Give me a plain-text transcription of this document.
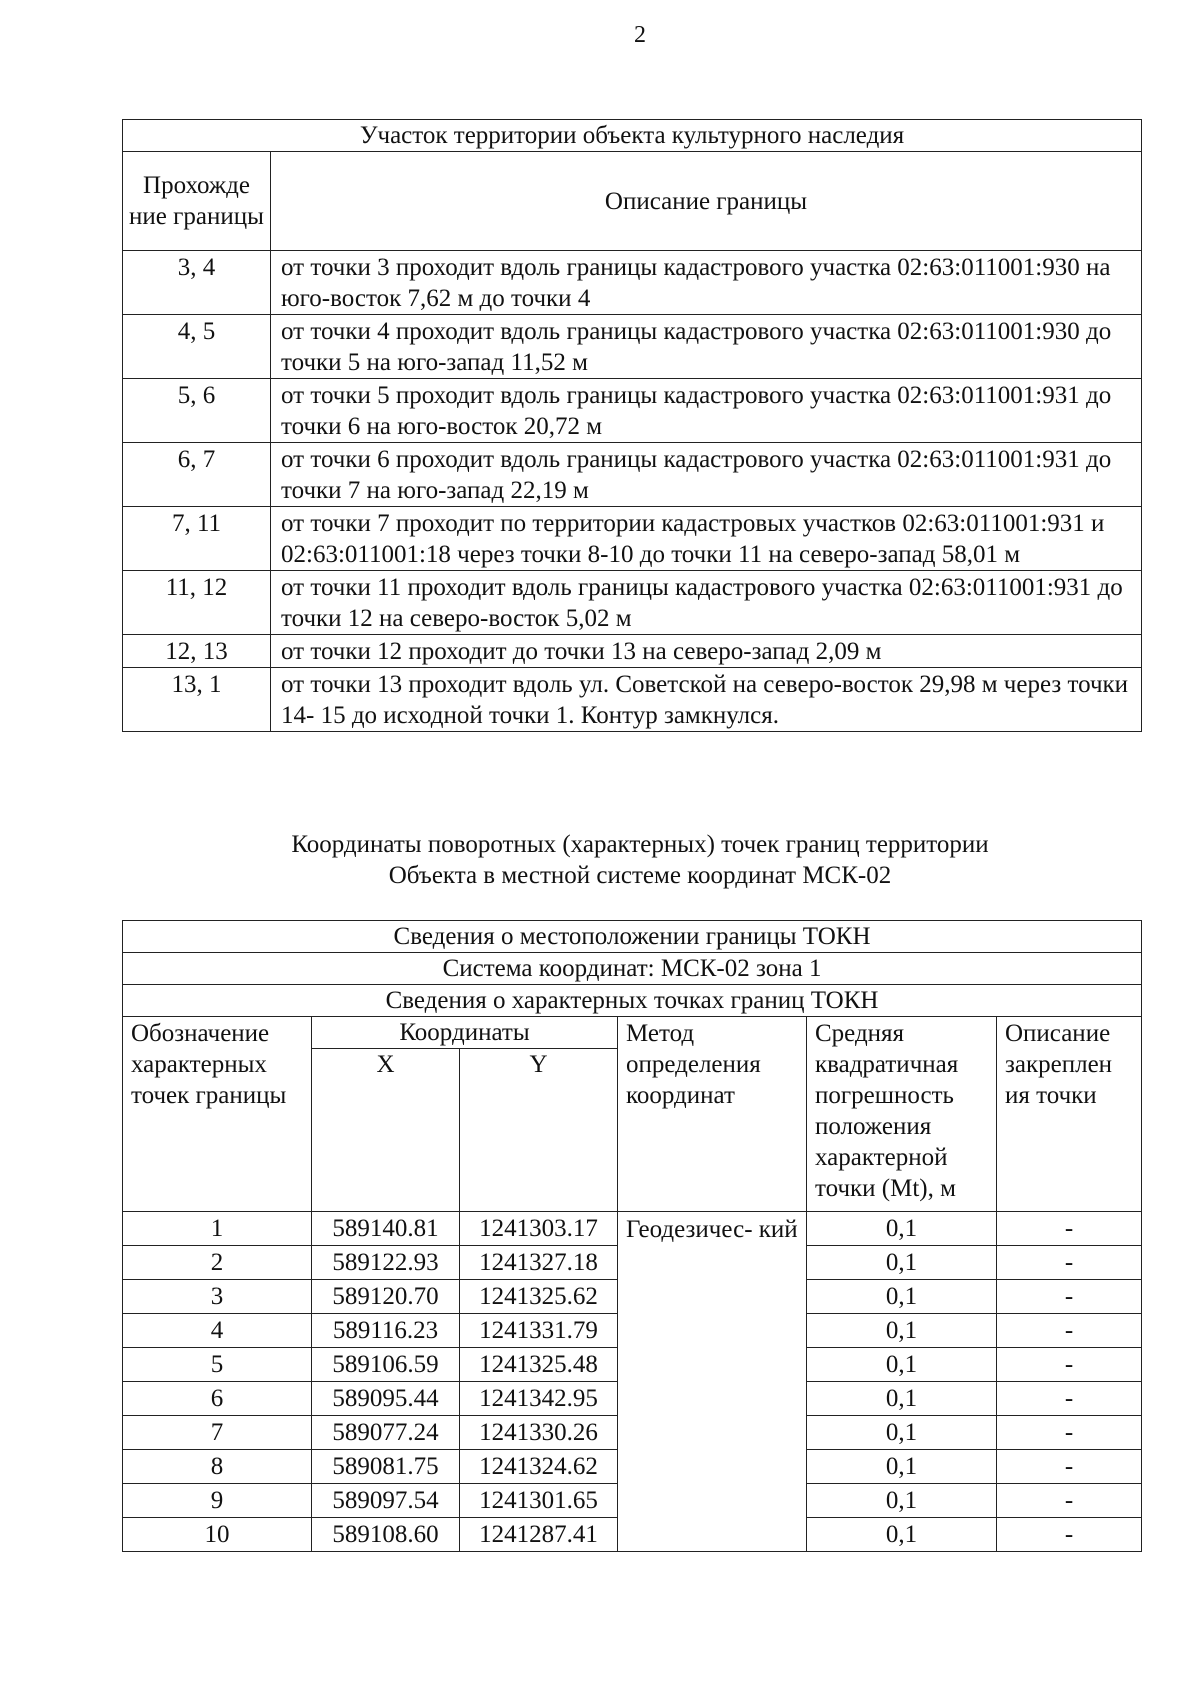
2
Участок территории объекта культурного наследия	
Прохожде ние границы	Описание границы
3, 4	от точки 3 проходит вдоль границы кадастрового участка 02:63:011001:930 на юго-восток 7,62 м до точки 4
4, 5	от точки 4 проходит вдоль границы кадастрового участка 02:63:011001:930 до точки 5 на юго-запад 11,52 м
5, 6	от точки 5 проходит вдоль границы кадастрового участка 02:63:011001:931 до точки 6 на юго-восток 20,72 м
6, 7	от точки 6 проходит вдоль границы кадастрового участка 02:63:011001:931 до точки 7 на юго-запад 22,19 м
7, 11	от точки 7 проходит по территории кадастровых участков 02:63:011001:931 и 02:63:011001:18 через точки 8-10 до точки 11 на северо-запад 58,01 м
11, 12	от точки 11 проходит вдоль границы кадастрового участка 02:63:011001:931 до точки 12 на северо-восток 5,02 м
12, 13	от точки 12 проходит до точки 13 на северо-запад 2,09 м
13, 1	от точки 13 проходит вдоль ул. Советской на северо-восток 29,98 м через точки 14- 15 до исходной точки 1. Контур замкнулся.
Координаты поворотных (характерных) точек границ территории
Объекта в местной системе координат МСК-02
Сведения о местоположении границы ТОКН					
Система координат: МСК-02 зона 1					
Сведения о характерных точках границ ТОКН					
Обозначение характерных точек границы	Координаты		Метод определения координат	Средняя квадратичная погрешность положения характерной точки (Mt), м	Описание закреплен ия точки
	X	Y			
1	589140.81	1241303.17	Геодезичес- кий	0,1	-
2	589122.93	1241327.18		0,1	-
3	589120.70	1241325.62		0,1	-
4	589116.23	1241331.79		0,1	-
5	589106.59	1241325.48		0,1	-
6	589095.44	1241342.95		0,1	-
7	589077.24	1241330.26		0,1	-
8	589081.75	1241324.62		0,1	-
9	589097.54	1241301.65		0,1	-
10	589108.60	1241287.41		0,1	-
